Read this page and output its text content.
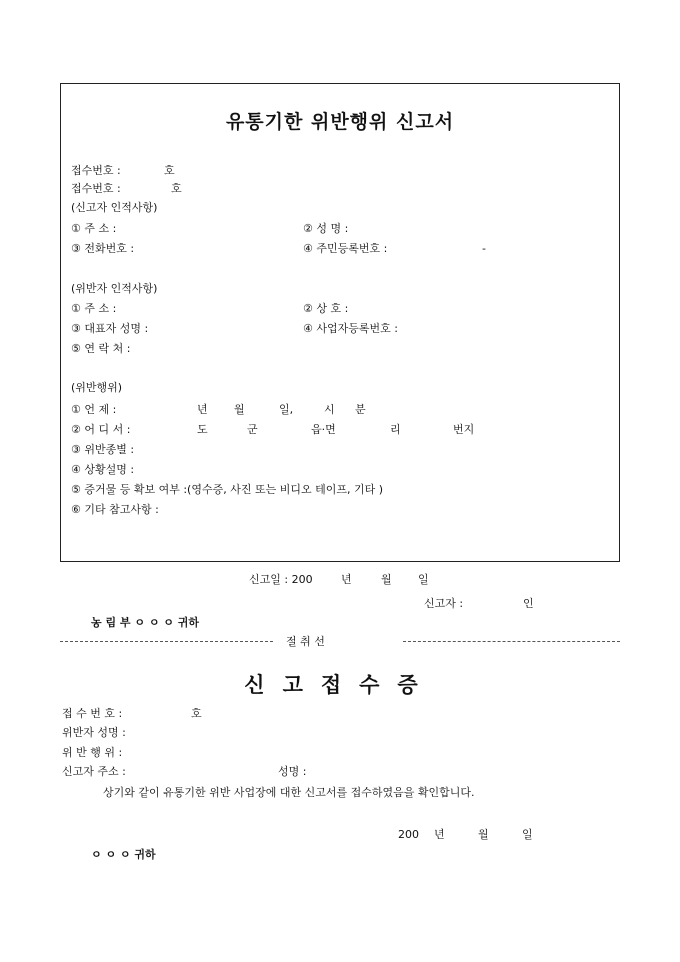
유통기한 위반행위 신고서
접수번호 :	호
접수번호 :	호
(신고자 인적사항)
① 주 소 :	② 성 명 :
③ 전화번호 :	④ 주민등록번호 :	-
(위반자 인적사항)
① 주 소 :	② 상 호 :
③ 대표자 성명 :	④ 사업자등록번호 :
⑤ 연 락 처 :
(위반행위)
① 언 제 :	년 월	일,	시 분
② 어 디 서 :	도	군	읍·면	리	번지
③ 위반종별 :
④ 상황설명 :
⑤ 증거물 등 확보 여부 :(영수증, 사진 또는 비디오 테이프, 기타 )
⑥ 기타 참고사항 :
신고일 : 200	년	월 일
신고자 :	인
농 림 부 ㅇ ㅇ ㅇ 귀하
절 취 선
신고접수증
접 수 번 호 :	호
위반자 성명 :
위 반 행 위 :
신고자 주소 :	성명 :
상기와 같이 유통기한 위반 사업장에 대한 신고서를 접수하였음을 확인합니다.
200 년	월	일
ㅇ ㅇ ㅇ 귀하
